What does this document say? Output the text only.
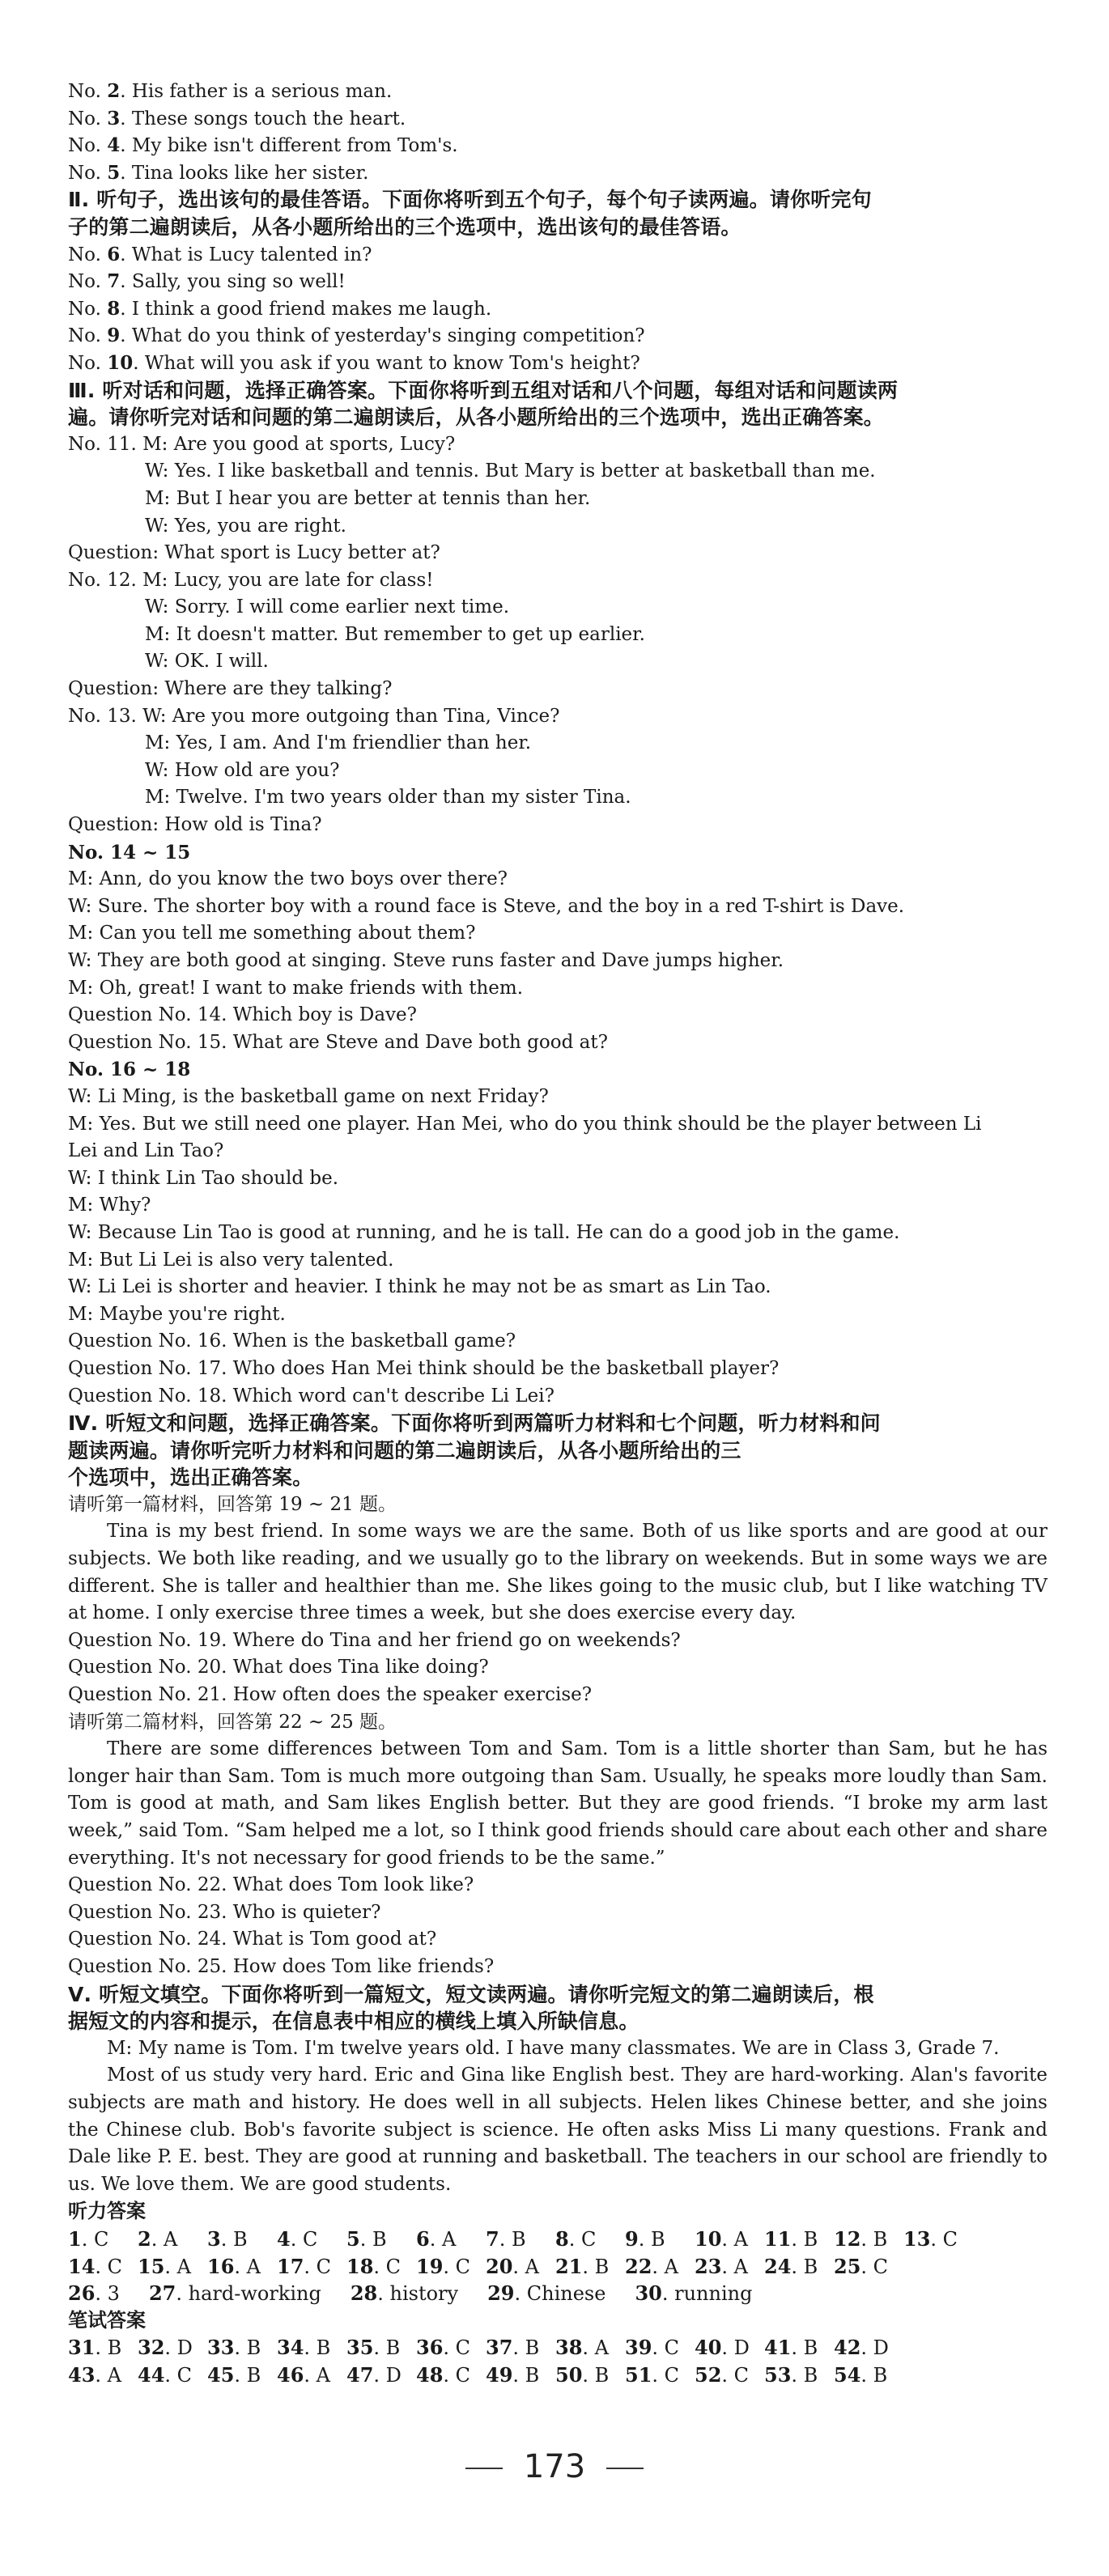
No. 2. His father is a serious man.
No. 3. These songs touch the heart.
No. 4. My bike isn't different from Tom's.
No. 5. Tina looks like her sister.
Ⅱ. 听句子，选出该句的最佳答语。下面你将听到五个句子，每个句子读两遍。请你听完句
子的第二遍朗读后，从各小题所给出的三个选项中，选出该句的最佳答语。
No. 6. What is Lucy talented in?
No. 7. Sally, you sing so well!
No. 8. I think a good friend makes me laugh.
No. 9. What do you think of yesterday's singing competition?
No. 10. What will you ask if you want to know Tom's height?
Ⅲ. 听对话和问题，选择正确答案。下面你将听到五组对话和八个问题，每组对话和问题读两
遍。请你听完对话和问题的第二遍朗读后，从各小题所给出的三个选项中，选出正确答案。
No. 11. M: Are you good at sports, Lucy?
W: Yes. I like basketball and tennis. But Mary is better at basketball than me.
M: But I hear you are better at tennis than her.
W: Yes, you are right.
Question: What sport is Lucy better at?
No. 12. M: Lucy, you are late for class!
W: Sorry. I will come earlier next time.
M: It doesn't matter. But remember to get up earlier.
W: OK. I will.
Question: Where are they talking?
No. 13. W: Are you more outgoing than Tina, Vince?
M: Yes, I am. And I'm friendlier than her.
W: How old are you?
M: Twelve. I'm two years older than my sister Tina.
Question: How old is Tina?
No. 14 ~ 15
M: Ann, do you know the two boys over there?
W: Sure. The shorter boy with a round face is Steve, and the boy in a red T-shirt is Dave.
M: Can you tell me something about them?
W: They are both good at singing. Steve runs faster and Dave jumps higher.
M: Oh, great! I want to make friends with them.
Question No. 14. Which boy is Dave?
Question No. 15. What are Steve and Dave both good at?
No. 16 ~ 18
W: Li Ming, is the basketball game on next Friday?
M: Yes. But we still need one player. Han Mei, who do you think should be the player between Li
Lei and Lin Tao?
W: I think Lin Tao should be.
M: Why?
W: Because Lin Tao is good at running, and he is tall. He can do a good job in the game.
M: But Li Lei is also very talented.
W: Li Lei is shorter and heavier. I think he may not be as smart as Lin Tao.
M: Maybe you're right.
Question No. 16. When is the basketball game?
Question No. 17. Who does Han Mei think should be the basketball player?
Question No. 18. Which word can't describe Li Lei?
Ⅳ. 听短文和问题，选择正确答案。下面你将听到两篇听力材料和七个问题，听力材料和问
题读两遍。请你听完听力材料和问题的第二遍朗读后，从各小题所给出的三
个选项中，选出正确答案。
请听第一篇材料，回答第 19 ~ 21 题。
Tina is my best friend. In some ways we are the same. Both of us like sports and are good at our subjects. We both like reading, and we usually go to the library on weekends. But in some ways we are different. She is taller and healthier than me. She likes going to the music club, but I like watching TV at home. I only exercise three times a week, but she does exercise every day.
Question No. 19. Where do Tina and her friend go on weekends?
Question No. 20. What does Tina like doing?
Question No. 21. How often does the speaker exercise?
请听第二篇材料，回答第 22 ~ 25 题。
There are some differences between Tom and Sam. Tom is a little shorter than Sam, but he has longer hair than Sam. Tom is much more outgoing than Sam. Usually, he speaks more loudly than Sam. Tom is good at math, and Sam likes English better. But they are good friends. “I broke my arm last week,” said Tom. “Sam helped me a lot, so I think good friends should care about each other and share everything. It's not necessary for good friends to be the same.”
Question No. 22. What does Tom look like?
Question No. 23. Who is quieter?
Question No. 24. What is Tom good at?
Question No. 25. How does Tom like friends?
Ⅴ. 听短文填空。下面你将听到一篇短文，短文读两遍。请你听完短文的第二遍朗读后，根
据短文的内容和提示，在信息表中相应的横线上填入所缺信息。
M: My name is Tom. I'm twelve years old. I have many classmates. We are in Class 3, Grade 7.
Most of us study very hard. Eric and Gina like English best. They are hard-working. Alan's favorite subjects are math and history. He does well in all subjects. Helen likes Chinese better, and she joins the Chinese club. Bob's favorite subject is science. He often asks Miss Li many questions. Frank and Dale like P. E. best. They are good at running and basketball. The teachers in our school are friendly to us. We love them. We are good students.
听力答案
1. C	2. A	3. B	4. C	5. B	6. A	7. B	8. C	9. B	10. A 11. B 12. B 13. C
14. C 15. A 16. A 17. C 18. C 19. C 20. A 21. B 22. A 23. A 24. B 25. C
26. 3 27. hard-working 28. history 29. Chinese 30. running
笔试答案
31. B 32. D 33. B 34. B 35. B 36. C 37. B 38. A 39. C 40. D 41. B 42. D
43. A 44. C 45. B 46. A 47. D 48. C 49. B 50. B 51. C 52. C 53. B 54. B
173
